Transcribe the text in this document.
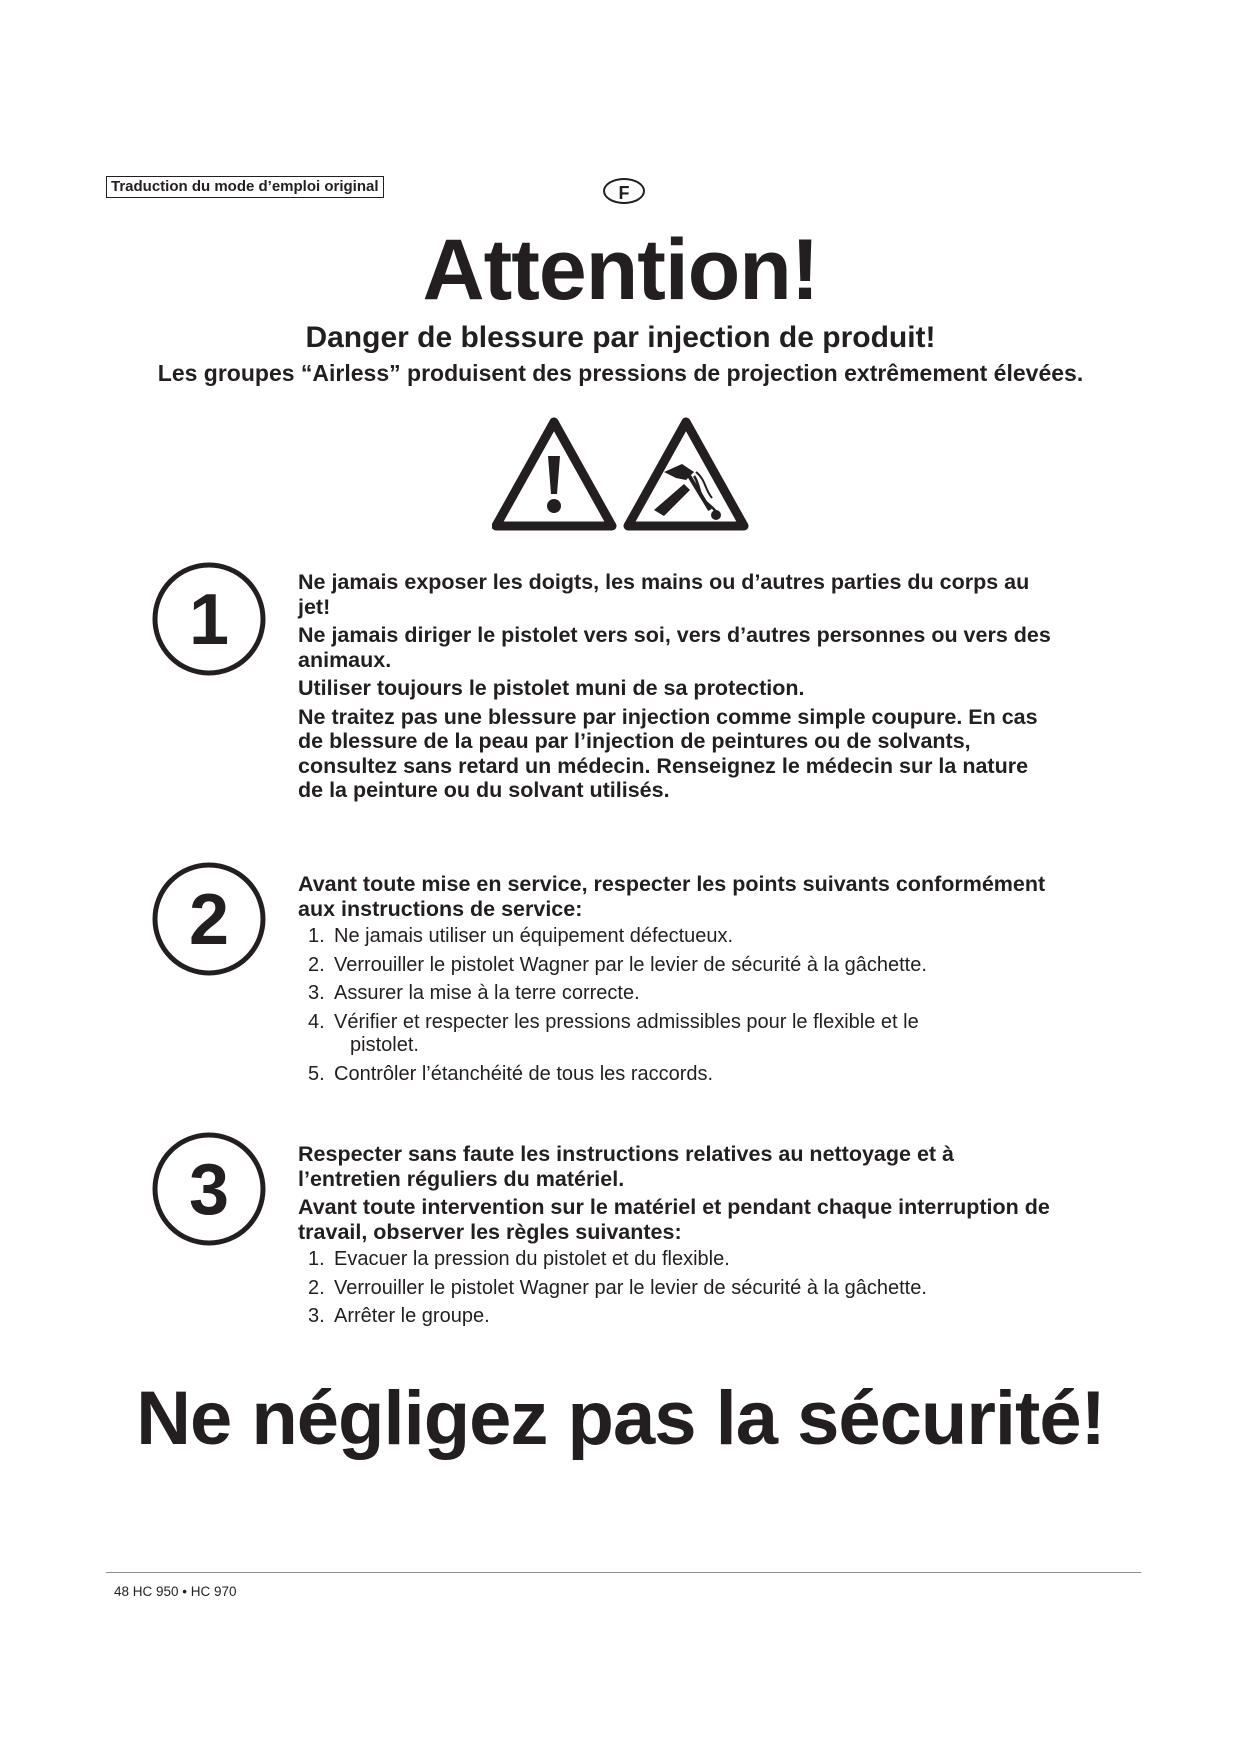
Traduction du mode d’emploi original	F
Attention!
Danger de blessure par injection de produit!
Les groupes “Airless” produisent des pressions de projection extrêmement élevées.
1	Ne jamais exposer les doigts, les mains ou d’autres parties du corps au jet!

Ne jamais diriger le pistolet vers soi, vers d’autres personnes ou vers des animaux.

Utiliser toujours le pistolet muni de sa protection.

Ne traitez pas une blessure par injection comme simple coupure. En cas de blessure de la peau par l’injection de peintures ou de solvants, consultez sans retard un médecin. Renseignez le médecin sur la nature de la peinture ou du solvant utilisés.

2	Avant toute mise en service, respecter les points suivants conformément aux instructions de service:

1. Ne jamais utiliser un équipement défectueux.
2. Verrouiller le pistolet Wagner par le levier de sécurité à la gâchette.
3. Assurer la mise à la terre correcte.
4. Vérifier et respecter les pressions admissibles pour le flexible et le
pistolet.
5. Contrôler l’étanchéité de tous les raccords.
3	Respecter sans faute les instructions relatives au nettoyage et à l’entretien réguliers du matériel.

Avant toute intervention sur le matériel et pendant chaque interruption de travail, observer les règles suivantes:

1. Evacuer la pression du pistolet et du flexible.
2. Verrouiller le pistolet Wagner par le levier de sécurité à la gâchette.
3. Arrêter le groupe.
Ne négligez pas la sécurité!
48 HC 950 • HC 970
